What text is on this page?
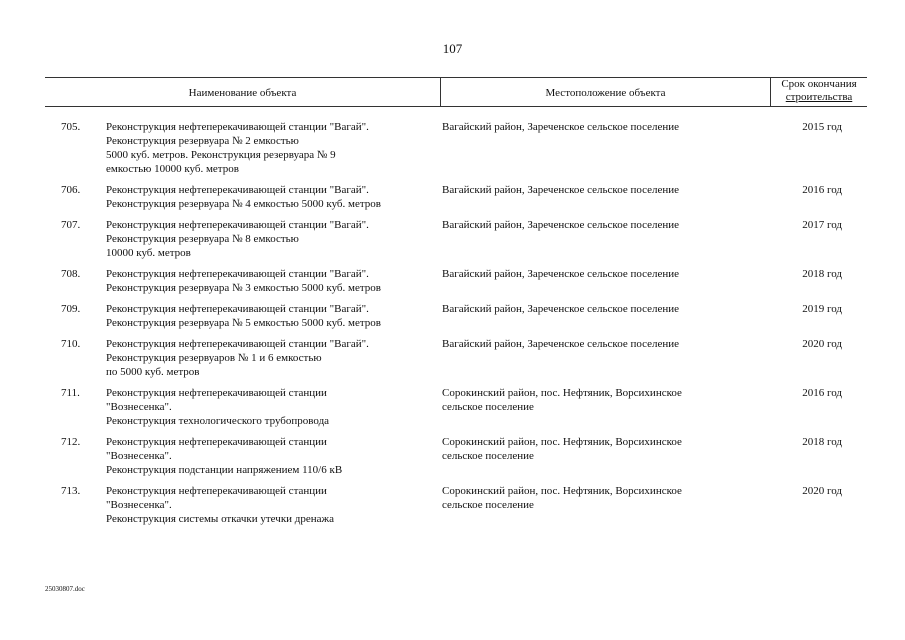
107
Наименование объекта	Местоположение объекта
Срок окончания
строительства
705.	Реконструкция нефтеперекачивающей станции "Вагай".
Реконструкция резервуара № 2 емкостью
5000 куб. метров. Реконструкция резервуара № 9
емкостью 10000 куб. метров
Вагайский район, Зареченское сельское поселение	2015 год
706.	Реконструкция нефтеперекачивающей станции "Вагай".
Реконструкция резервуара № 4 емкостью 5000 куб. метров
Вагайский район, Зареченское сельское поселение	2016 год
707.	Реконструкция нефтеперекачивающей станции "Вагай".
Реконструкция резервуара № 8 емкостью
10000 куб. метров
Вагайский район, Зареченское сельское поселение	2017 год
708.	Реконструкция нефтеперекачивающей станции "Вагай".
Реконструкция резервуара № 3 емкостью 5000 куб. метров
Вагайский район, Зареченское сельское поселение	2018 год
709.	Реконструкция нефтеперекачивающей станции "Вагай".
Реконструкция резервуара № 5 емкостью 5000 куб. метров
Вагайский район, Зареченское сельское поселение	2019 год
710.	Реконструкция нефтеперекачивающей станции "Вагай".
Реконструкция резервуаров № 1 и 6 емкостью
по 5000 куб. метров
Вагайский район, Зареченское сельское поселение	2020 год
711.	Реконструкция нефтеперекачивающей станции
"Вознесенка".
Реконструкция технологического трубопровода
Сорокинский район, пос. Нефтяник, Ворсихинское
сельское поселение
2016 год
712.	Реконструкция нефтеперекачивающей станции
"Вознесенка".
Реконструкция подстанции напряжением 110/6 кВ
Сорокинский район, пос. Нефтяник, Ворсихинское
сельское поселение
2018 год
713.	Реконструкция нефтеперекачивающей станции
"Вознесенка".
Реконструкция системы откачки утечки дренажа
Сорокинский район, пос. Нефтяник, Ворсихинское
сельское поселение
2020 год
25030807.doc
